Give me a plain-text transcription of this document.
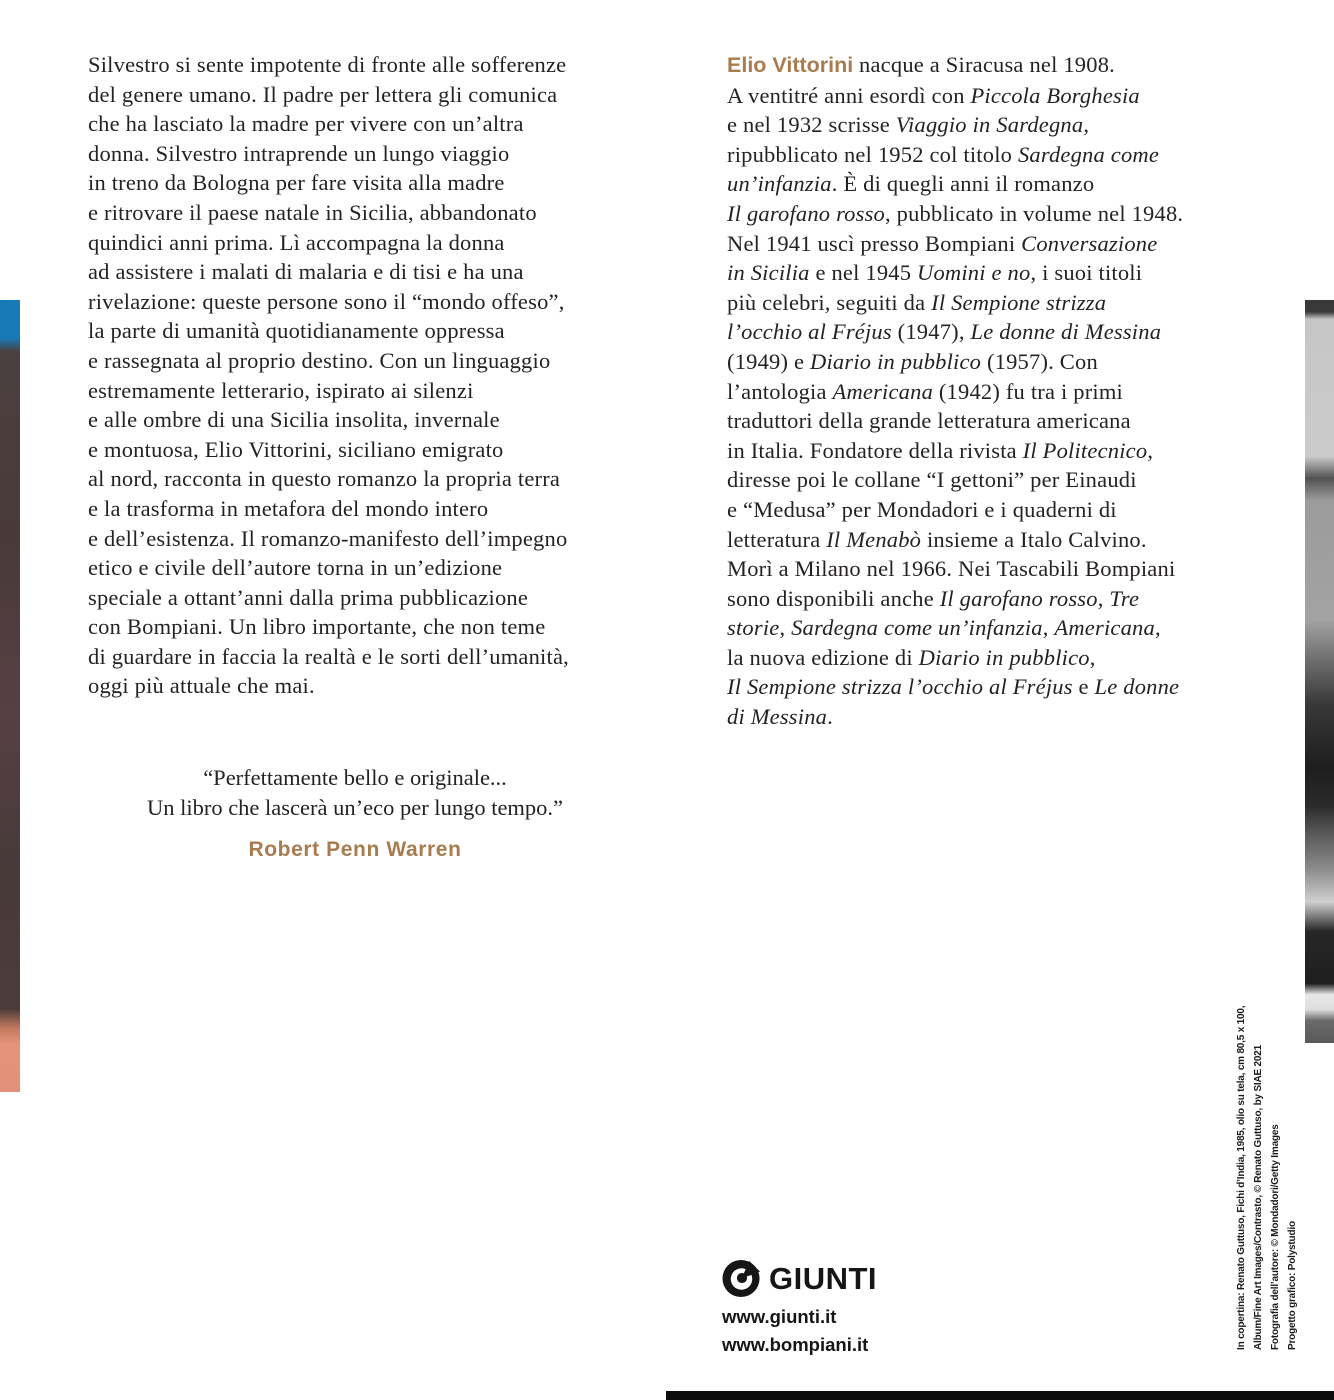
Silvestro si sente impotente di fronte alle sofferenze
del genere umano. Il padre per lettera gli comunica
che ha lasciato la madre per vivere con un’altra
donna. Silvestro intraprende un lungo viaggio
in treno da Bologna per fare visita alla madre
e ritrovare il paese natale in Sicilia, abbandonato
quindici anni prima. Lì accompagna la donna
ad assistere i malati di malaria e di tisi e ha una
rivelazione: queste persone sono il “mondo offeso”,
la parte di umanità quotidianamente oppressa
e rassegnata al proprio destino. Con un linguaggio
estremamente letterario, ispirato ai silenzi
e alle ombre di una Sicilia insolita, invernale
e montuosa, Elio Vittorini, siciliano emigrato
al nord, racconta in questo romanzo la propria terra
e la trasforma in metafora del mondo intero
e dell’esistenza. Il romanzo-manifesto dell’impegno
etico e civile dell’autore torna in un’edizione
speciale a ottant’anni dalla prima pubblicazione
con Bompiani. Un libro importante, che non teme
di guardare in faccia la realtà e le sorti dell’umanità,
oggi più attuale che mai.
“Perfettamente bello e originale...
Un libro che lascerà un’eco per lungo tempo.”
Robert Penn Warren
Elio Vittorini nacque a Siracusa nel 1908.
A ventitré anni esordì con Piccola Borghesia
e nel 1932 scrisse Viaggio in Sardegna,
ripubblicato nel 1952 col titolo Sardegna come
un’infanzia. È di quegli anni il romanzo
Il garofano rosso, pubblicato in volume nel 1948.
Nel 1941 uscì presso Bompiani Conversazione
in Sicilia e nel 1945 Uomini e no, i suoi titoli
più celebri, seguiti da Il Sempione strizza
l’occhio al Fréjus (1947), Le donne di Messina
(1949) e Diario in pubblico (1957). Con
l’antologia Americana (1942) fu tra i primi
traduttori della grande letteratura americana
in Italia. Fondatore della rivista Il Politecnico,
diresse poi le collane “I gettoni” per Einaudi
e “Medusa” per Mondadori e i quaderni di
letteratura Il Menabò insieme a Italo Calvino.
Morì a Milano nel 1966. Nei Tascabili Bompiani
sono disponibili anche Il garofano rosso, Tre
storie, Sardegna come un’infanzia, Americana,
la nuova edizione di Diario in pubblico,
Il Sempione strizza l’occhio al Fréjus e Le donne
di Messina.
In copertina: Renato Guttuso, Fichi d’India, 1985, olio su tela, cm 80,5 x 100, Album/Fine Art Images/Contrasto, © Renato Guttuso, by SIAE 2021 Fotografia dell’autore: © Mondadori/Getty Images Progetto grafico: Polystudio
GIUNTI
www.giunti.it
www.bompiani.it
